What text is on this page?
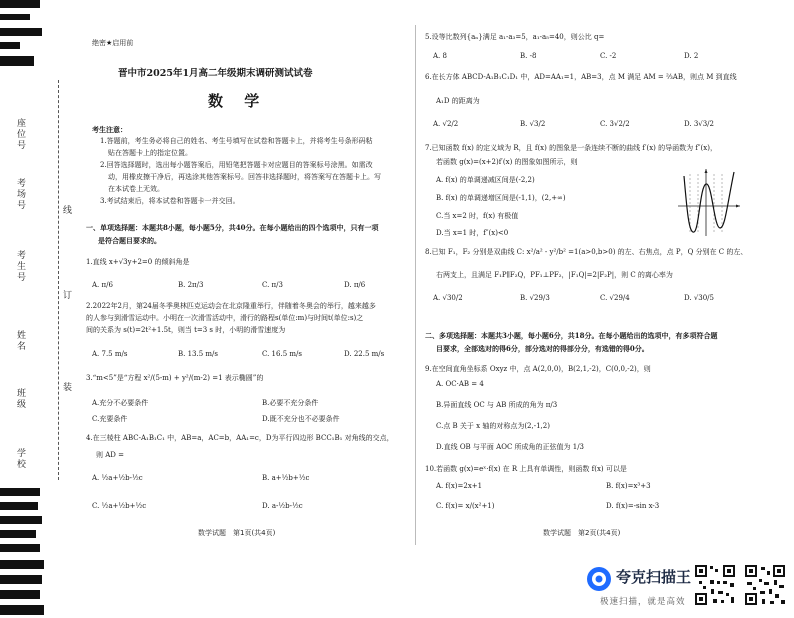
座位号
考场号
考生号
姓名
班级
学校
线
订
装
绝密★启用前
晋中市2025年1月高二年级期末调研测试试卷
数 学
考生注意：
1.答题前，考生务必将自己的姓名、考生号填写在试卷和答题卡上，并将考生号条形码粘
贴在答题卡上的指定位置。
2.回答选择题时，选出每小题答案后，用铅笔把答题卡对应题目的答案标号涂黑。如需改
动，用橡皮擦干净后，再选涂其他答案标号。回答非选择题时，将答案写在答题卡上。写
在本试卷上无效。
3.考试结束后，将本试卷和答题卡一并交回。
一、单项选择题：本题共8小题，每小题5分，共40分。在每小题给出的四个选项中，只有一项
是符合题目要求的。
1.直线 x+√3y+2=0 的倾斜角是
A. π/6	B. 2π/3	C. π/3	D. π/6
2.2022年2月，第24届冬季奥林匹克运动会在北京隆重举行，伴随着冬奥会的举行，越来越多
的人参与到滑雪运动中。小明在一次滑雪活动中，滑行的路程s(单位:m)与时间t(单位:s)之
间的关系为 s(t)=2t²+1.5t，则当 t=3 s 时，小明的滑雪速度为
A. 7.5 m/s	B. 13.5 m/s	C. 16.5 m/s	D. 22.5 m/s
3.“m<5”是“方程 x²/(5-m) + y²/(m-2) =1 表示椭圆”的
A.充分不必要条件	B.必要不充分条件
C.充要条件	D.既不充分也不必要条件
4.在三棱柱 ABC-A₁B₁C₁ 中，AB=a，AC=b，AA₁=c，D为平行四边形 BCC₁B₁ 对角线的交点，
则 AD =
A. ½a+½b-½c	B. a+½b+½c
C. ½a+½b+½c	D. a-½b-½c
数学试题　第1页(共4页)
5.设等比数列{aₙ}满足 a₁-a₃=5，a₁-a₅=40，则公比 q=
A. 8	B. -8	C. -2	D. 2
6.在长方体 ABCD-A₁B₁C₁D₁ 中，AD=AA₁=1，AB=3，点 M 满足 AM = ⅔AB，则点 M 到直线
A₁D 的距离为
A. √2/2	B. √3/2	C. 3√2/2	D. 3√3/2
7.已知函数 f(x) 的定义域为 R，且 f(x) 的图象是一条连续不断的曲线 f′(x) 的导函数为 f″(x)，
若函数 g(x)=(x+2)f′(x) 的图象如图所示，则
A. f(x) 的单调递减区间是(-2,2)
B. f(x) 的单调递增区间是(-1,1)，(2,+∞)
C.当 x=2 时，f(x) 有极值
D.当 x=1 时，f″(x)<0
8.已知 F₁，F₂ 分别是双曲线 C: x²/a² - y²/b² =1(a>0,b>0) 的左、右焦点，点 P，Q 分别在 C 的左、
右两支上，且满足 F₁P∥F₂Q，PF₁⊥PF₂，|F₁Q|=2|F₂P|，则 C 的离心率为
A. √30/2	B. √29/3	C. √29/4	D. √30/5
二、多项选择题：本题共3小题，每小题6分，共18分。在每小题给出的选项中，有多项符合题
目要求，全部选对的得6分，部分选对的得部分分，有选错的得0分。
9.在空间直角坐标系 Oxyz 中，点 A(2,0,0)，B(2,1,-2)，C(0,0,-2)，则
A. OC·AB = 4
B.异面直线 OC 与 AB 所成的角为 π/3
C.点 B 关于 x 轴的对称点为(2,-1,2)
D.直线 OB 与平面 AOC 所成角的正弦值为 1/3
10.若函数 g(x)=eˣ·f(x) 在 R 上具有单调性，则函数 f(x) 可以是
A. f(x)=2x+1	B. f(x)=x³+3
C. f(x)= x/(x²+1)	D. f(x)=-sin x-3
数学试题　第2页(共4页)
夸克扫描王
极速扫描，就是高效
